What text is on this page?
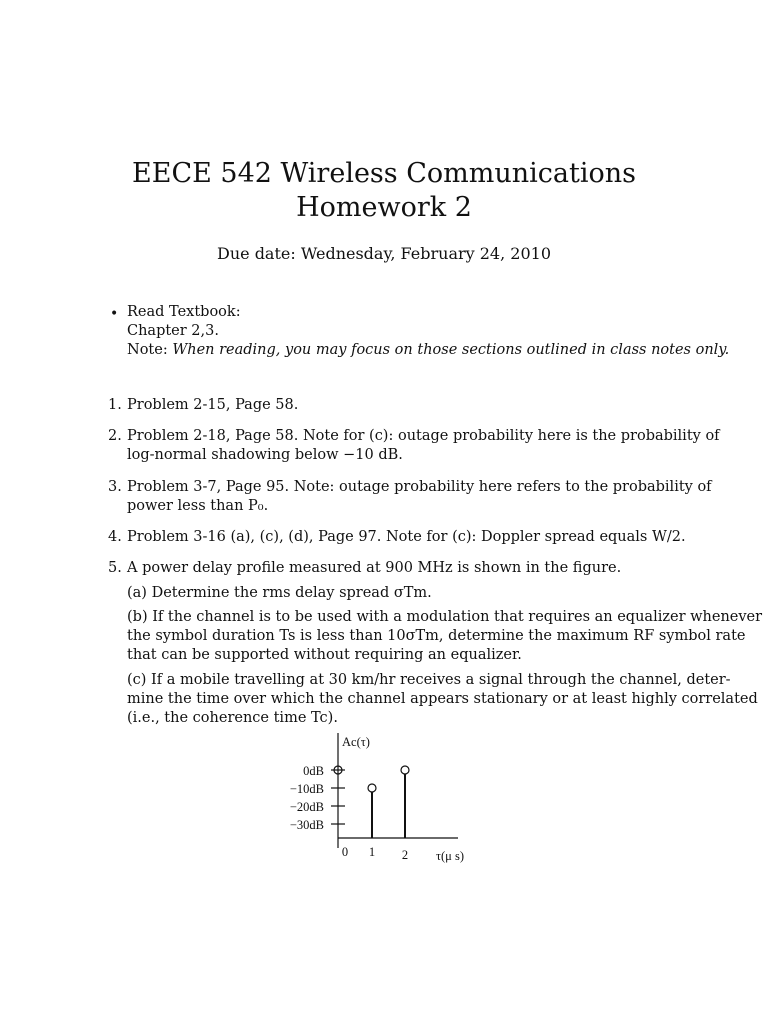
EECE 542 Wireless Communications
Homework 2
Due date: Wednesday, February 24, 2010
• Read Textbook:
Chapter 2,3.
Note: When reading, you may focus on those sections outlined in class notes only.
1. Problem 2-15, Page 58.
2. Problem 2-18, Page 58. Note for (c): outage probability here is the probability of
log-normal shadowing below −10 dB.
3. Problem 3-7, Page 95. Note: outage probability here refers to the probability of
power less than P₀.
4. Problem 3-16 (a), (c), (d), Page 97. Note for (c): Doppler spread equals W/2.
5. A power delay profile measured at 900 MHz is shown in the figure.
(a) Determine the rms delay spread σTm.
(b) If the channel is to be used with a modulation that requires an equalizer whenever
the symbol duration Ts is less than 10σTm, determine the maximum RF symbol rate
that can be supported without requiring an equalizer.
(c) If a mobile travelling at 30 km/hr receives a signal through the channel, deter-
mine the time over which the channel appears stationary or at least highly correlated
(i.e., the coherence time Tc).
Ac(τ)
τ(μ s)
0dB
−10dB
−20dB
−30dB
0 1 2
